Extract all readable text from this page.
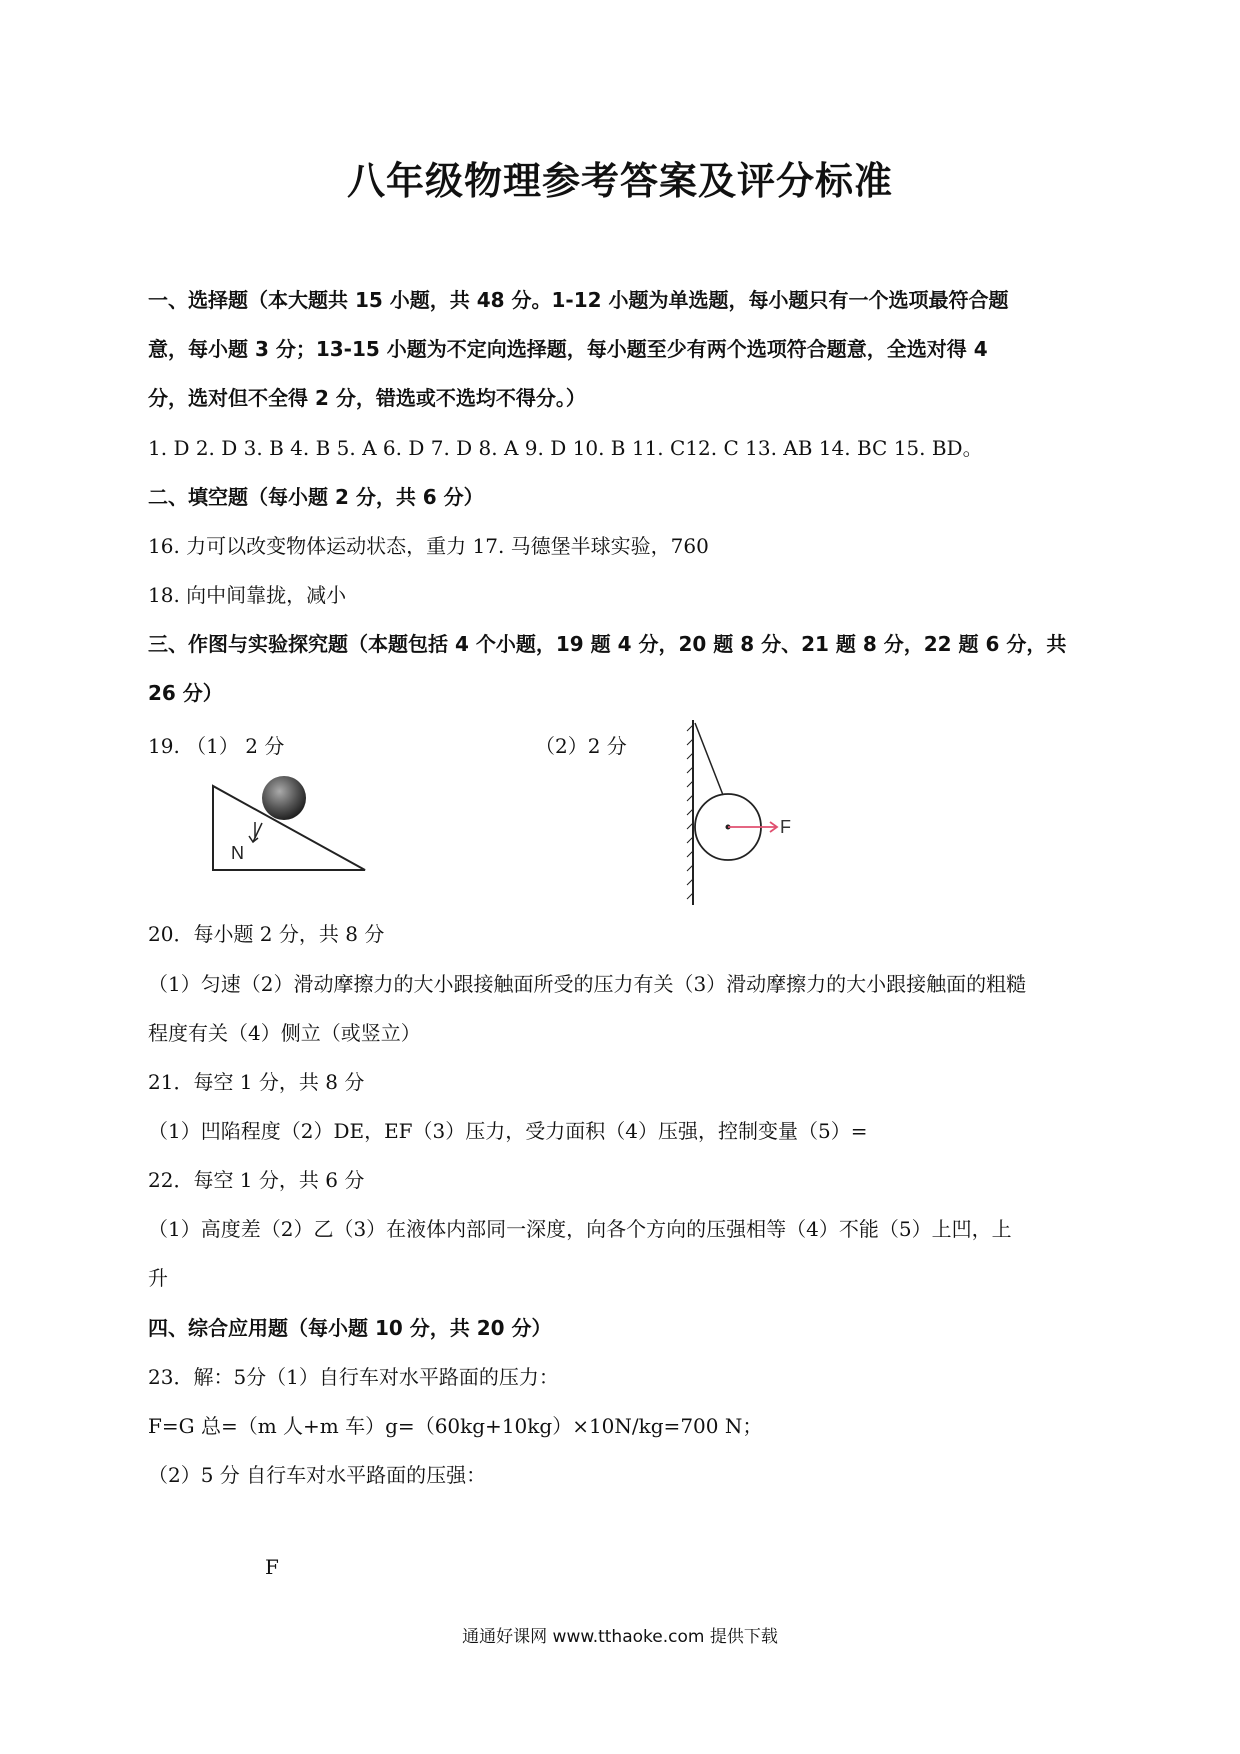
八年级物理参考答案及评分标准
一、选择题（本大题共 15 小题，共 48 分。1-12 小题为单选题，每小题只有一个选项最符合题
意，每小题 3 分；13-15 小题为不定向选择题，每小题至少有两个选项符合题意，全选对得 4
分，选对但不全得 2 分，错选或不选均不得分。）
1. D 2. D 3. B 4. B 5. A 6. D 7. D 8. A 9. D 10. B 11. C12. C 13. AB 14. BC 15. BD。
二、填空题（每小题 2 分，共 6 分）
16. 力可以改变物体运动状态，重力 17. 马德堡半球实验，760
18. 向中间靠拢，减小
三、作图与实验探究题（本题包括 4 个小题，19 题 4 分，20 题 8 分、21 题 8 分，22 题 6 分，共
26 分）
19. （1） 2 分	（2）2 分
N
F
20．每小题 2 分，共 8 分
（1）匀速（2）滑动摩擦力的大小跟接触面所受的压力有关（3）滑动摩擦力的大小跟接触面的粗糙
程度有关（4）侧立（或竖立）
21．每空 1 分，共 8 分
（1）凹陷程度（2）DE，EF（3）压力，受力面积（4）压强，控制变量（5）=
22．每空 1 分，共 6 分
（1）高度差（2）乙（3）在液体内部同一深度，向各个方向的压强相等（4）不能（5）上凹，上
升
四、综合应用题（每小题 10 分，共 20 分）
23．解：5分（1）自行车对水平路面的压力：
F=G 总=（m 人+m 车）g=（60kg+10kg）×10N/kg=700 N；
（2）5 分 自行车对水平路面的压强：
F
通通好课网 www.tthaoke.com 提供下载
